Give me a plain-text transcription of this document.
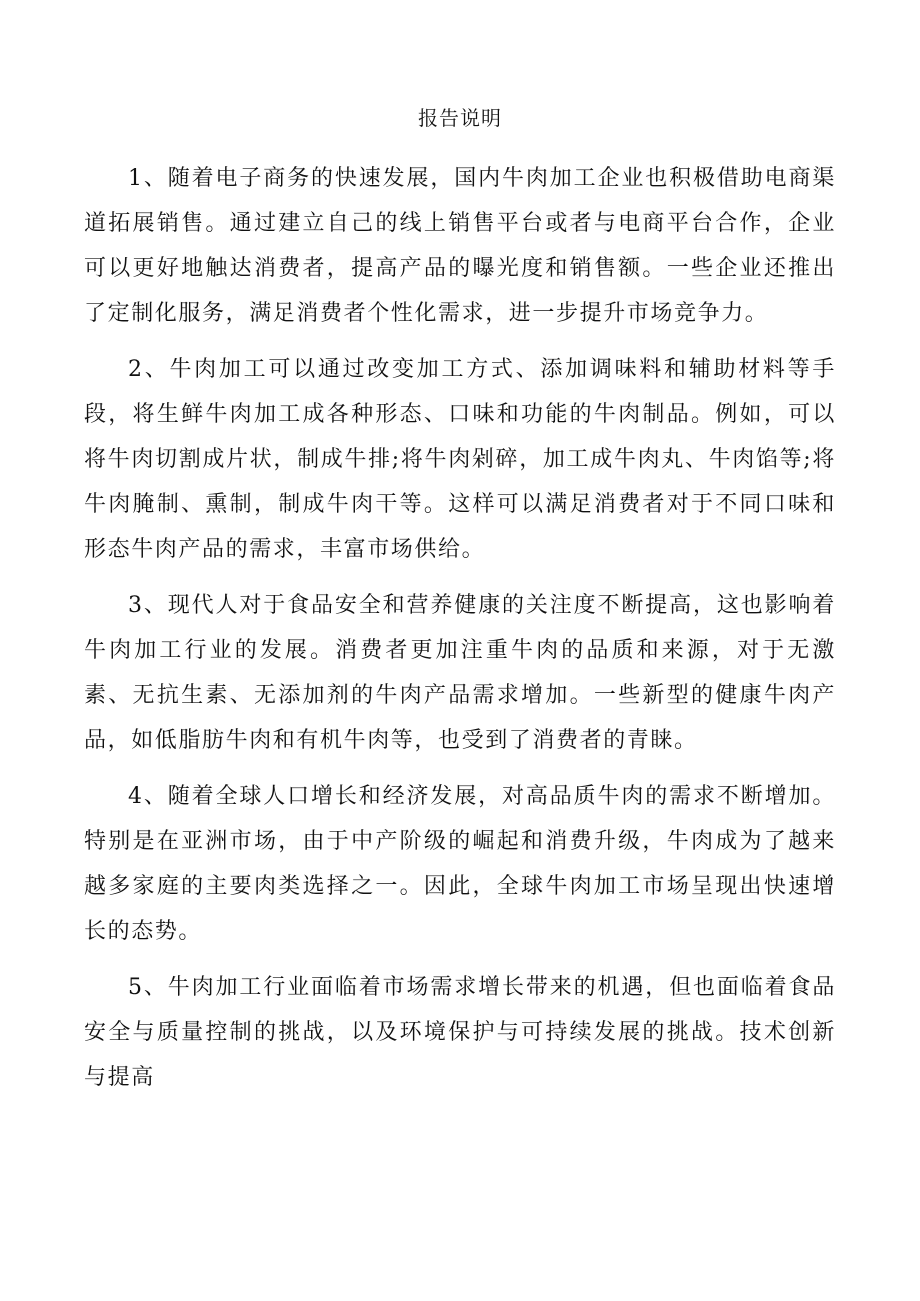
报告说明

1、随着电子商务的快速发展，国内牛肉加工企业也积极借助电商渠道拓展销售。通过建立自己的线上销售平台或者与电商平台合作，企业可以更好地触达消费者，提高产品的曝光度和销售额。一些企业还推出了定制化服务，满足消费者个性化需求，进一步提升市场竞争力。

2、牛肉加工可以通过改变加工方式、添加调味料和辅助材料等手段，将生鲜牛肉加工成各种形态、口味和功能的牛肉制品。例如，可以将牛肉切割成片状，制成牛排;将牛肉剁碎，加工成牛肉丸、牛肉馅等;将牛肉腌制、熏制，制成牛肉干等。这样可以满足消费者对于不同口味和形态牛肉产品的需求，丰富市场供给。

3、现代人对于食品安全和营养健康的关注度不断提高，这也影响着牛肉加工行业的发展。消费者更加注重牛肉的品质和来源，对于无激素、无抗生素、无添加剂的牛肉产品需求增加。一些新型的健康牛肉产品，如低脂肪牛肉和有机牛肉等，也受到了消费者的青睐。

4、随着全球人口增长和经济发展，对高品质牛肉的需求不断增加。特别是在亚洲市场，由于中产阶级的崛起和消费升级，牛肉成为了越来越多家庭的主要肉类选择之一。因此，全球牛肉加工市场呈现出快速增长的态势。

5、牛肉加工行业面临着市场需求增长带来的机遇，但也面临着食品安全与质量控制的挑战，以及环境保护与可持续发展的挑战。技术创新与提高
